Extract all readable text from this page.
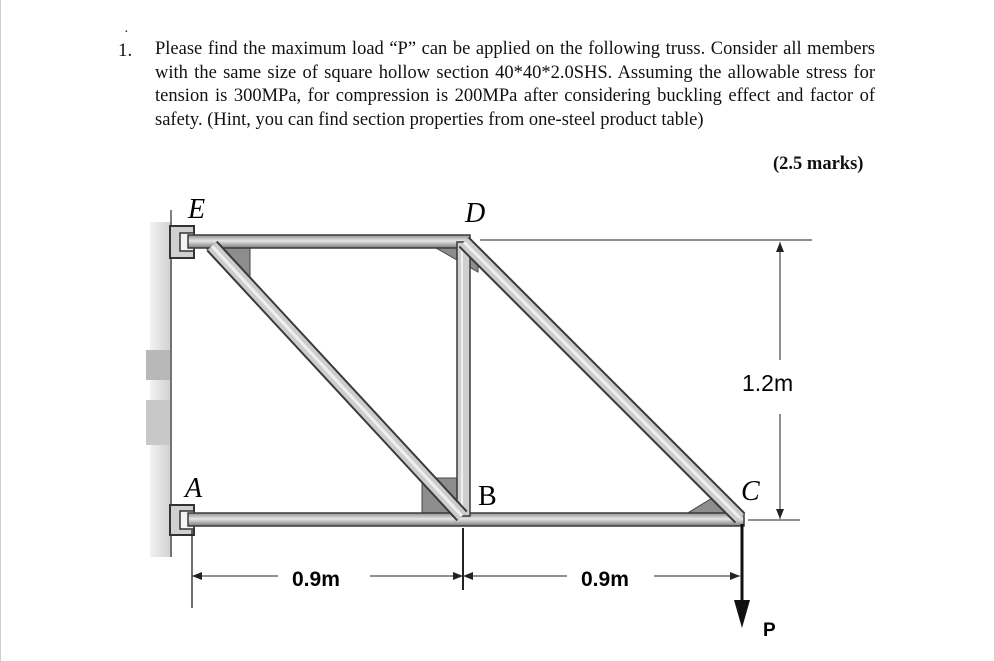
·
1. Please find the maximum load “P” can be applied on the following truss. Consider all members with the same size of square hollow section 40*40*2.0SHS. Assuming the allowable stress for tension is 300MPa, for compression is 200MPa after considering buckling effect and factor of safety. (Hint, you can find section properties from one-steel product table)

(2.5 marks)
E	D
A	B	C
1.2m
0.9m	0.9m
P
